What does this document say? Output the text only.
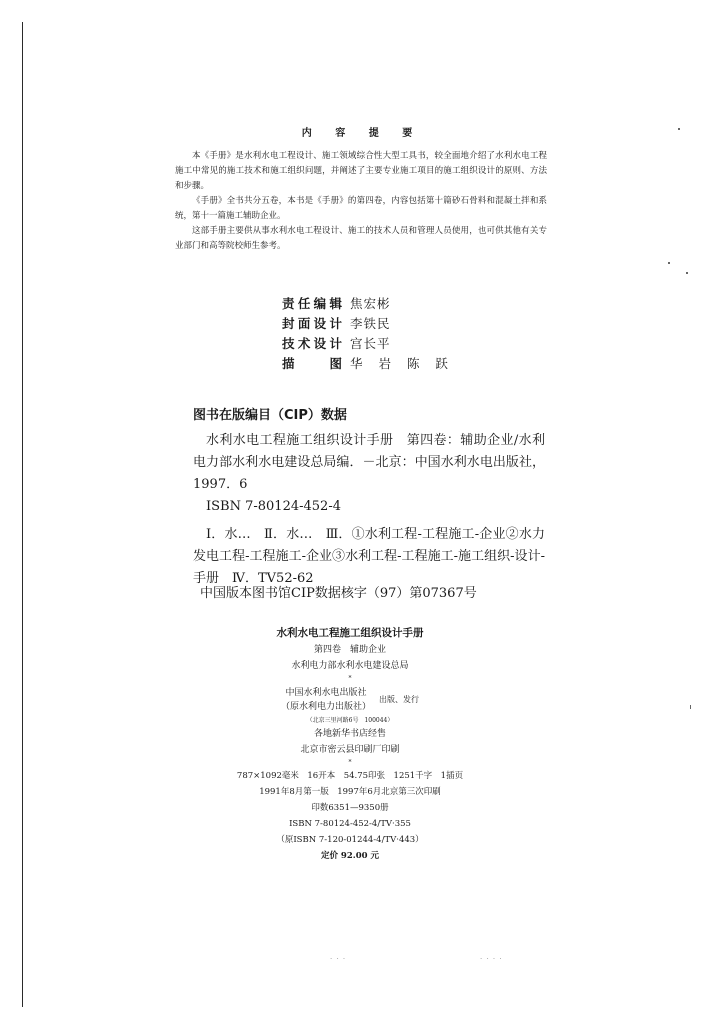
内 容 提 要

本《手册》是水利水电工程设计、施工领域综合性大型工具书，较全面地介绍了水利水电工程施工中常见的施工技术和施工组织问题，并阐述了主要专业施工项目的施工组织设计的原则、方法和步骤。

《手册》全书共分五卷，本书是《手册》的第四卷，内容包括第十篇砂石骨料和混凝土拌和系统，第十一篇施工辅助企业。

这部手册主要供从事水利水电工程设计、施工的技术人员和管理人员使用，也可供其他有关专业部门和高等院校师生参考。

责任编辑 焦宏彬
封面设计 李铁民
技术设计 宫长平
描图 华 岩 陈 跃
图书在版编目（CIP）数据

水利水电工程施工组织设计手册　第四卷：辅助企业/水利电力部水利水电建设总局编．－北京：中国水利水电出版社，1997．6

ISBN 7-80124-452-4

Ⅰ．水…　Ⅱ．水…　Ⅲ．①水利工程-工程施工-企业②水力发电工程-工程施工-企业③水利工程-工程施工-施工组织-设计-手册　Ⅳ．TV52-62

中国版本图书馆CIP数据核字（97）第07367号

水利水电工程施工组织设计手册

第四卷　辅助企业

水利电力部水利水电建设总局

*

中国水利水电出版社
（原水利电力出版社）
出版、发行

（北京三里河路6号　100044）

各地新华书店经售

北京市密云县印刷厂印刷

*

787×1092毫米　16开本　54.75印张　1251千字　1插页

1991年8月第一版　1997年6月北京第三次印刷

印数6351—9350册

ISBN 7-80124-452-4/TV·355

（原ISBN 7-120-01244-4/TV·443）

定价 92.00 元

· · ·	· · · ·
